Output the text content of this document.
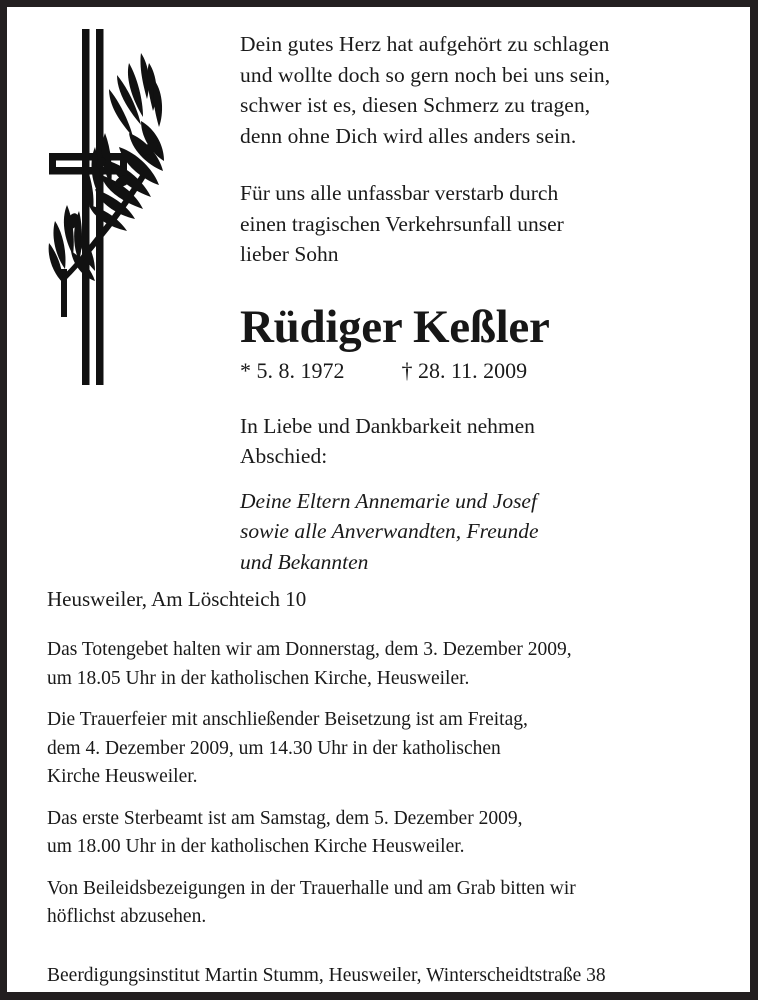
Dein gutes Herz hat aufgehört zu schlagen
und wollte doch so gern noch bei uns sein,
schwer ist es, diesen Schmerz zu tragen,
denn ohne Dich wird alles anders sein.
Für uns alle unfassbar verstarb durch
einen tragischen Verkehrsunfall unser
lieber Sohn
Rüdiger Keßler
* 5. 8. 1972	† 28. 11. 2009
In Liebe und Dankbarkeit nehmen
Abschied:
Deine Eltern Annemarie und Josef
sowie alle Anverwandten, Freunde
und Bekannten
Heusweiler, Am Löschteich 10
Das Totengebet halten wir am Donnerstag, dem 3. Dezember 2009,
um 18.05 Uhr in der katholischen Kirche, Heusweiler.
Die Trauerfeier mit anschließender Beisetzung ist am Freitag,
dem 4. Dezember 2009, um 14.30 Uhr in der katholischen
Kirche Heusweiler.
Das erste Sterbeamt ist am Samstag, dem 5. Dezember 2009,
um 18.00 Uhr in der katholischen Kirche Heusweiler.
Von Beileidsbezeigungen in der Trauerhalle und am Grab bitten wir
höflichst abzusehen.
Beerdigungsinstitut Martin Stumm, Heusweiler, Winterscheidtstraße 38
